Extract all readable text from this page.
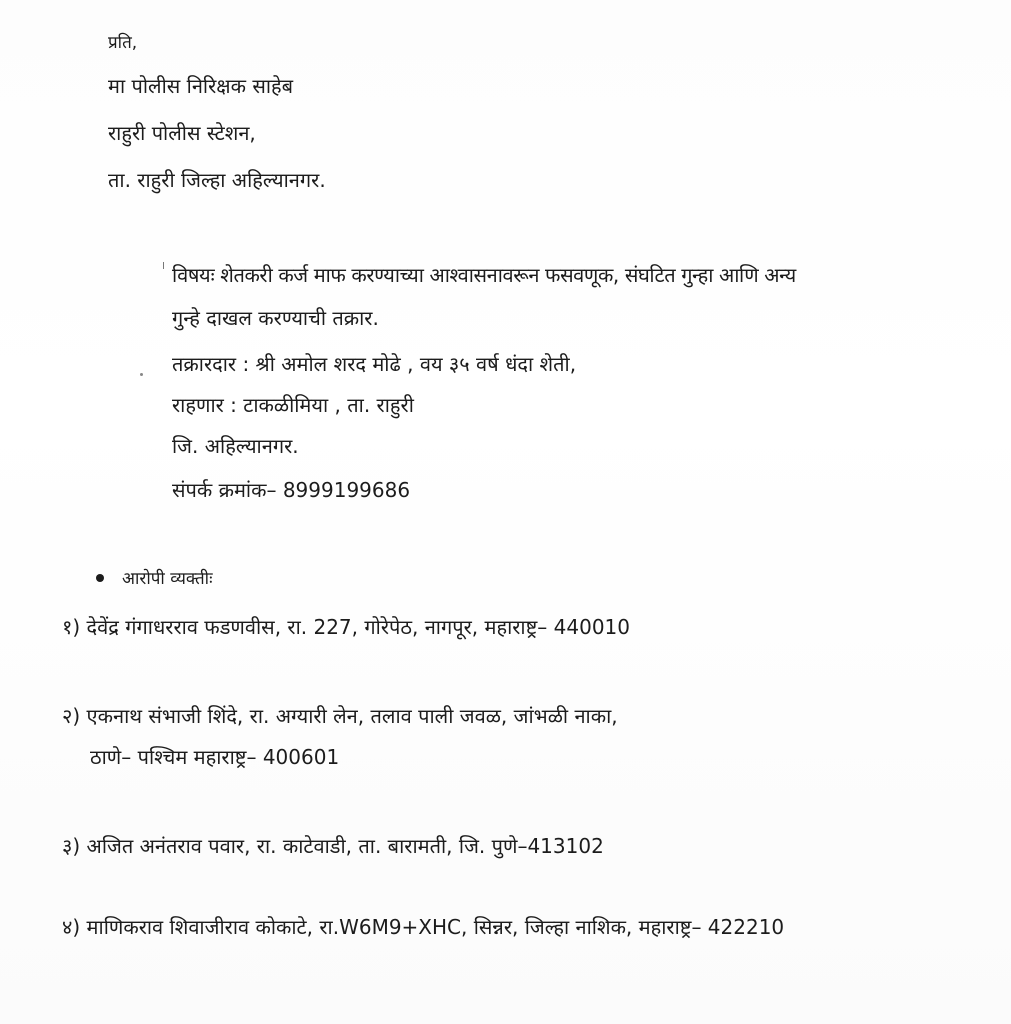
प्रति,
मा पोलीस निरिक्षक साहेब
राहुरी पोलीस स्टेशन,
ता. राहुरी जिल्हा अहिल्यानगर.
विषयः शेतकरी कर्ज माफ करण्याच्या आश्वासनावरून फसवणूक, संघटित गुन्हा आणि अन्य
गुन्हे दाखल करण्याची तक्रार.
तक्रारदार : श्री अमोल शरद मोढे , वय ३५ वर्ष धंदा शेती,
राहणार : टाकळीमिया , ता. राहुरी
जि. अहिल्यानगर.
संपर्क क्रमांक– 8999199686
आरोपी व्यक्तीः
१) देवेंद्र गंगाधरराव फडणवीस, रा. 227, गोरेपेठ, नागपूर, महाराष्ट्र– 440010
२) एकनाथ संभाजी शिंदे, रा. अग्यारी लेन, तलाव पाली जवळ, जांभळी नाका,
ठाणे– पश्चिम महाराष्ट्र– 400601
३) अजित अनंतराव पवार, रा. काटेवाडी, ता. बारामती, जि. पुणे–413102
४) माणिकराव शिवाजीराव कोकाटे, रा.W6M9+XHC, सिन्नर, जिल्हा नाशिक, महाराष्ट्र– 422210
